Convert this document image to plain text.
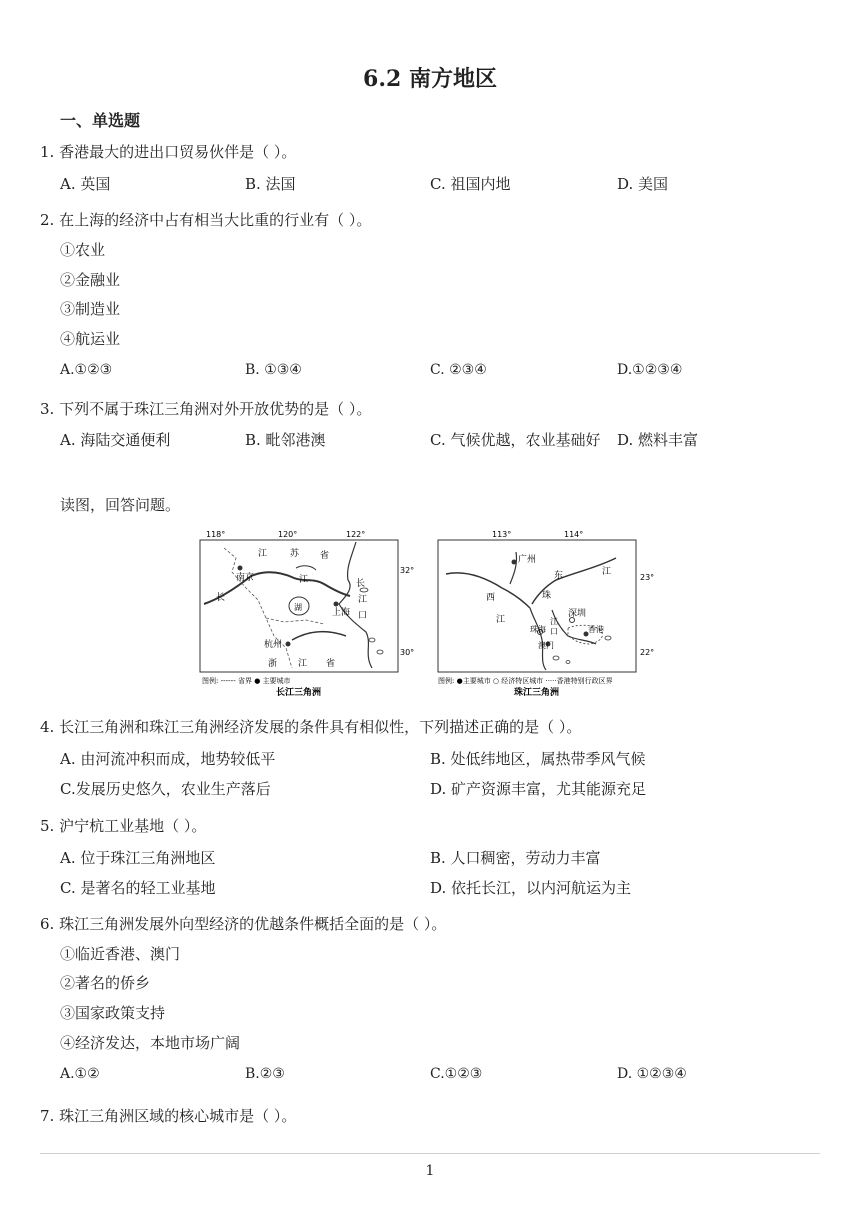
6.2 南方地区
一、单选题
1. 香港最大的进出口贸易伙伴是（ ）。
A. 英国	B. 法国	C. 祖国内地	D. 美国
2. 在上海的经济中占有相当大比重的行业有（ ）。
①农业
②金融业
③制造业
④航运业
A.①②③	B. ①③④	C. ②③④	D.①②③④
3. 下列不属于珠江三角洲对外开放优势的是（ ）。
A. 海陆交通便利	B. 毗邻港澳	C. 气候优越，农业基础好 D. 燃料丰富
读图，回答问题。
118°	120°	122°
32°
30°
江	苏 省
南京	江	长
长	江
口
湖
上海
杭州
浙 江 省
图例: ------ 省界 ● 主要城市
长江三角洲
113°	114°
23°
22°
广州
东	江
珠
西
江
深圳
珠海
江
口
澳门
香港
图例: ●主要城市 ○ 经济特区城市 ·····香港特别行政区界
珠江三角洲
4. 长江三角洲和珠江三角洲经济发展的条件具有相似性，下列描述正确的是（ ）。
A. 由河流冲积而成，地势较低平	B. 处低纬地区，属热带季风气候
C.发展历史悠久，农业生产落后	D. 矿产资源丰富，尤其能源充足
5. 沪宁杭工业基地（ ）。
A. 位于珠江三角洲地区	B. 人口稠密，劳动力丰富
C. 是著名的轻工业基地	D. 依托长江，以内河航运为主
6. 珠江三角洲发展外向型经济的优越条件概括全面的是（ ）。
①临近香港、澳门
②著名的侨乡
③国家政策支持
④经济发达，本地市场广阔
A.①②	B.②③	C.①②③	D. ①②③④
7. 珠江三角洲区域的核心城市是（ ）。
1
